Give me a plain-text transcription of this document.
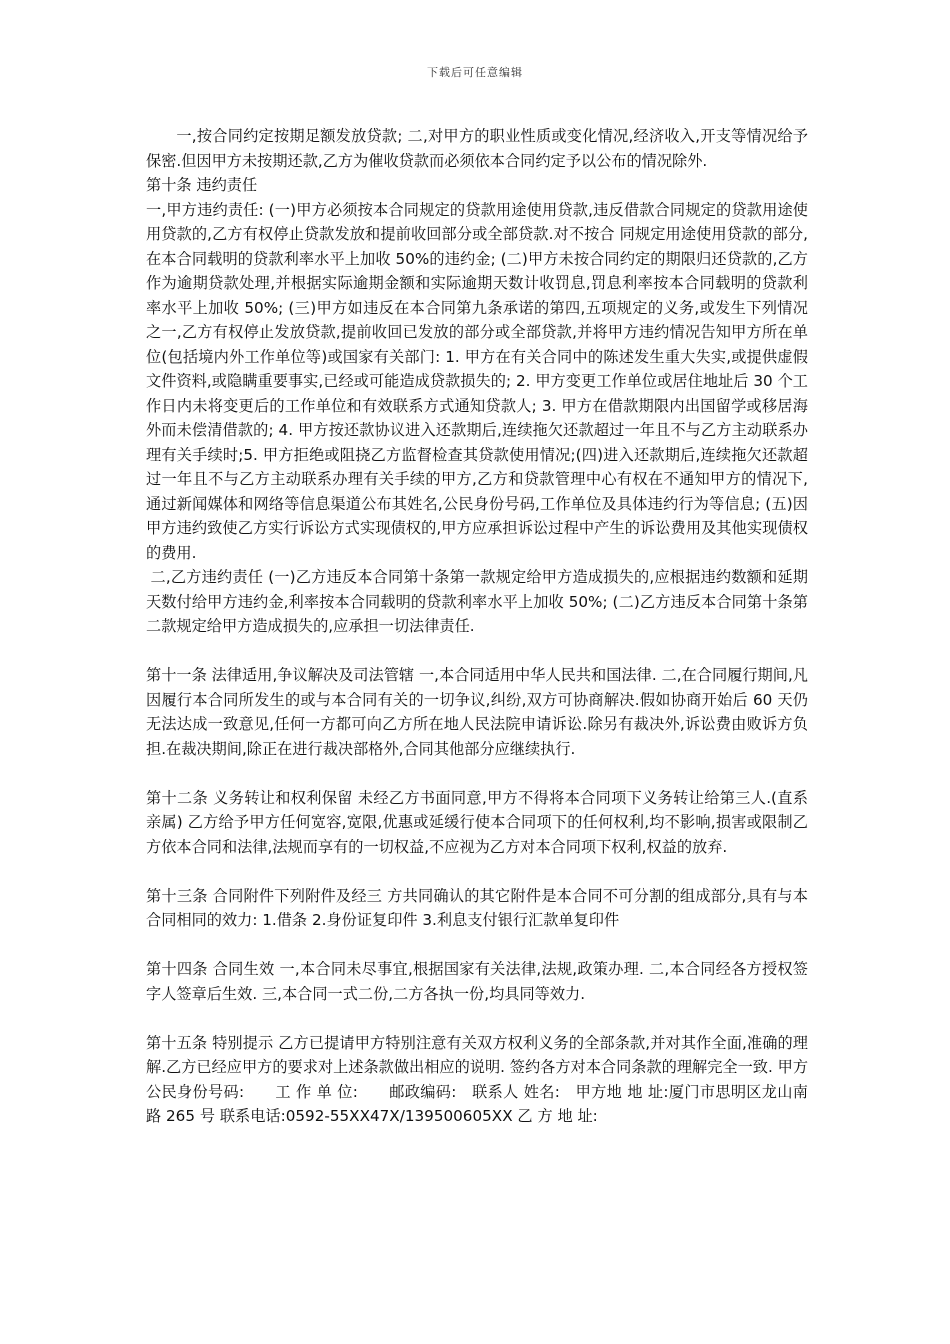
下载后可任意编辑

一,按合同约定按期足额发放贷款; 二,对甲方的职业性质或变化情况,经济收入,开支等情况给予保密.但因甲方未按期还款,乙方为催收贷款而必须依本合同约定予以公布的情况除外.

第十条 违约责任

一,甲方违约责任: (一)甲方必须按本合同规定的贷款用途使用贷款,违反借款合同规定的贷款用途使用贷款的,乙方有权停止贷款发放和提前收回部分或全部贷款.对不按合 同规定用途使用贷款的部分,在本合同载明的贷款利率水平上加收 50%的违约金; (二)甲方未按合同约定的期限归还贷款的,乙方作为逾期贷款处理,并根据实际逾期金额和实际逾期天数计收罚息,罚息利率按本合同载明的贷款利率水平上加收 50%; (三)甲方如违反在本合同第九条承诺的第四,五项规定的义务,或发生下列情况之一,乙方有权停止发放贷款,提前收回已发放的部分或全部贷款,并将甲方违约情况告知甲方所在单位(包括境内外工作单位等)或国家有关部门: 1. 甲方在有关合同中的陈述发生重大失实,或提供虚假文件资料,或隐瞒重要事实,已经或可能造成贷款损失的; 2. 甲方变更工作单位或居住地址后 30 个工作日内未将变更后的工作单位和有效联系方式通知贷款人; 3. 甲方在借款期限内出国留学或移居海外而未偿清借款的; 4. 甲方按还款协议进入还款期后,连续拖欠还款超过一年且不与乙方主动联系办理有关手续时;5. 甲方拒绝或阻挠乙方监督检查其贷款使用情况;(四)进入还款期后,连续拖欠还款超过一年且不与乙方主动联系办理有关手续的甲方,乙方和贷款管理中心有权在不通知甲方的情况下,通过新闻媒体和网络等信息渠道公布其姓名,公民身份号码,工作单位及具体违约行为等信息; (五)因甲方违约致使乙方实行诉讼方式实现债权的,甲方应承担诉讼过程中产生的诉讼费用及其他实现债权的费用.

二,乙方违约责任 (一)乙方违反本合同第十条第一款规定给甲方造成损失的,应根据违约数额和延期天数付给甲方违约金,利率按本合同载明的贷款利率水平上加收 50%; (二)乙方违反本合同第十条第二款规定给甲方造成损失的,应承担一切法律责任.

第十一条 法律适用,争议解决及司法管辖 一,本合同适用中华人民共和国法律. 二,在合同履行期间,凡因履行本合同所发生的或与本合同有关的一切争议,纠纷,双方可协商解决.假如协商开始后 60 天仍无法达成一致意见,任何一方都可向乙方所在地人民法院申请诉讼.除另有裁决外,诉讼费由败诉方负担.在裁决期间,除正在进行裁决部格外,合同其他部分应继续执行.

第十二条 义务转让和权利保留 未经乙方书面同意,甲方不得将本合同项下义务转让给第三人.(直系亲属) 乙方给予甲方任何宽容,宽限,优惠或延缓行使本合同项下的任何权利,均不影响,损害或限制乙方依本合同和法律,法规而享有的一切权益,不应视为乙方对本合同项下权利,权益的放弃.

第十三条 合同附件下列附件及经三 方共同确认的其它附件是本合同不可分割的组成部分,具有与本合同相同的效力: 1.借条 2.身份证复印件 3.利息支付银行汇款单复印件

第十四条 合同生效 一,本合同未尽事宜,根据国家有关法律,法规,政策办理. 二,本合同经各方授权签字人签章后生效. 三,本合同一式二份,二方各执一份,均具同等效力.

第十五条 特别提示 乙方已提请甲方特别注意有关双方权利义务的全部条款,并对其作全面,准确的理解.乙方已经应甲方的要求对上述条款做出相应的说明. 签约各方对本合同条款的理解完全一致. 甲方公民身份号码:　　工 作 单 位:　　邮政编码:　联系人 姓名:　甲方地 地 址:厦门市思明区龙山南路 265 号 联系电话:0592-55XX47X/139500605XX 乙 方 地 址:
